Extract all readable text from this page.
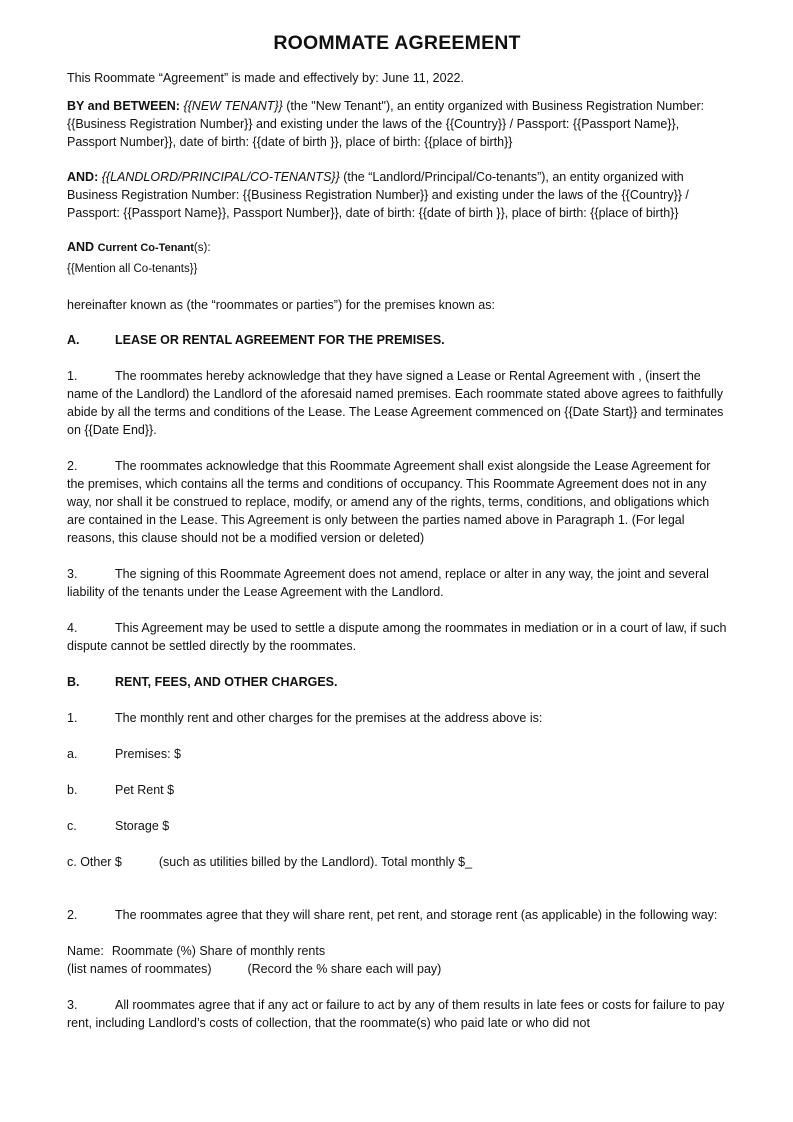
ROOMMATE AGREEMENT

This Roommate “Agreement” is made and effectively by: June 11, 2022.

BY and BETWEEN: {{NEW TENANT}} (the "New Tenant"), an entity organized with Business Registration Number: {{Business Registration Number}} and existing under the laws of the {{Country}} / Passport: {{Passport Name}}, Passport Number}}, date of birth: {{date of birth }}, place of birth: {{place of birth}}

AND: {{LANDLORD/PRINCIPAL/CO-TENANTS}} (the “Landlord/Principal/Co-tenants”), an entity organized with Business Registration Number: {{Business Registration Number}} and existing under the laws of the {{Country}} / Passport: {{Passport Name}}, Passport Number}}, date of birth: {{date of birth }}, place of birth: {{place of birth}}

AND Current Co-Tenant(s):

{{Mention all Co-tenants}}

hereinafter known as (the “roommates or parties”) for the premises known as:

A.	LEASE OR RENTAL AGREEMENT FOR THE PREMISES.

1.	The roommates hereby acknowledge that they have signed a Lease or Rental Agreement with , (insert the name of the Landlord) the Landlord of the aforesaid named premises. Each roommate stated above agrees to faithfully abide by all the terms and conditions of the Lease. The Lease Agreement commenced on {{Date Start}} and terminates on {{Date End}}.

2.	The roommates acknowledge that this Roommate Agreement shall exist alongside the Lease Agreement for the premises, which contains all the terms and conditions of occupancy. This Roommate Agreement does not in any way, nor shall it be construed to replace, modify, or amend any of the rights, terms, conditions, and obligations which are contained in the Lease. This Agreement is only between the parties named above in Paragraph 1. (For legal reasons, this clause should not be a modified version or deleted)

3.	The signing of this Roommate Agreement does not amend, replace or alter in any way, the joint and several liability of the tenants under the Lease Agreement with the Landlord.

4.	This Agreement may be used to settle a dispute among the roommates in mediation or in a court of law, if such dispute cannot be settled directly by the roommates.

B.	RENT, FEES, AND OTHER CHARGES.

1.	The monthly rent and other charges for the premises at the address above is:

a.	Premises: $

b.	Pet Rent $

c.	Storage $

c. Other $	(such as utilities billed by the Landlord). Total monthly $_

2.	The roommates agree that they will share rent, pet rent, and storage rent (as applicable) in the following way:

Name: Roommate (%) Share of monthly rents

(list names of roommates)	(Record the % share each will pay)

3.	All roommates agree that if any act or failure to act by any of them results in late fees or costs for failure to pay rent, including Landlord’s costs of collection, that the roommate(s) who paid late or who did not
